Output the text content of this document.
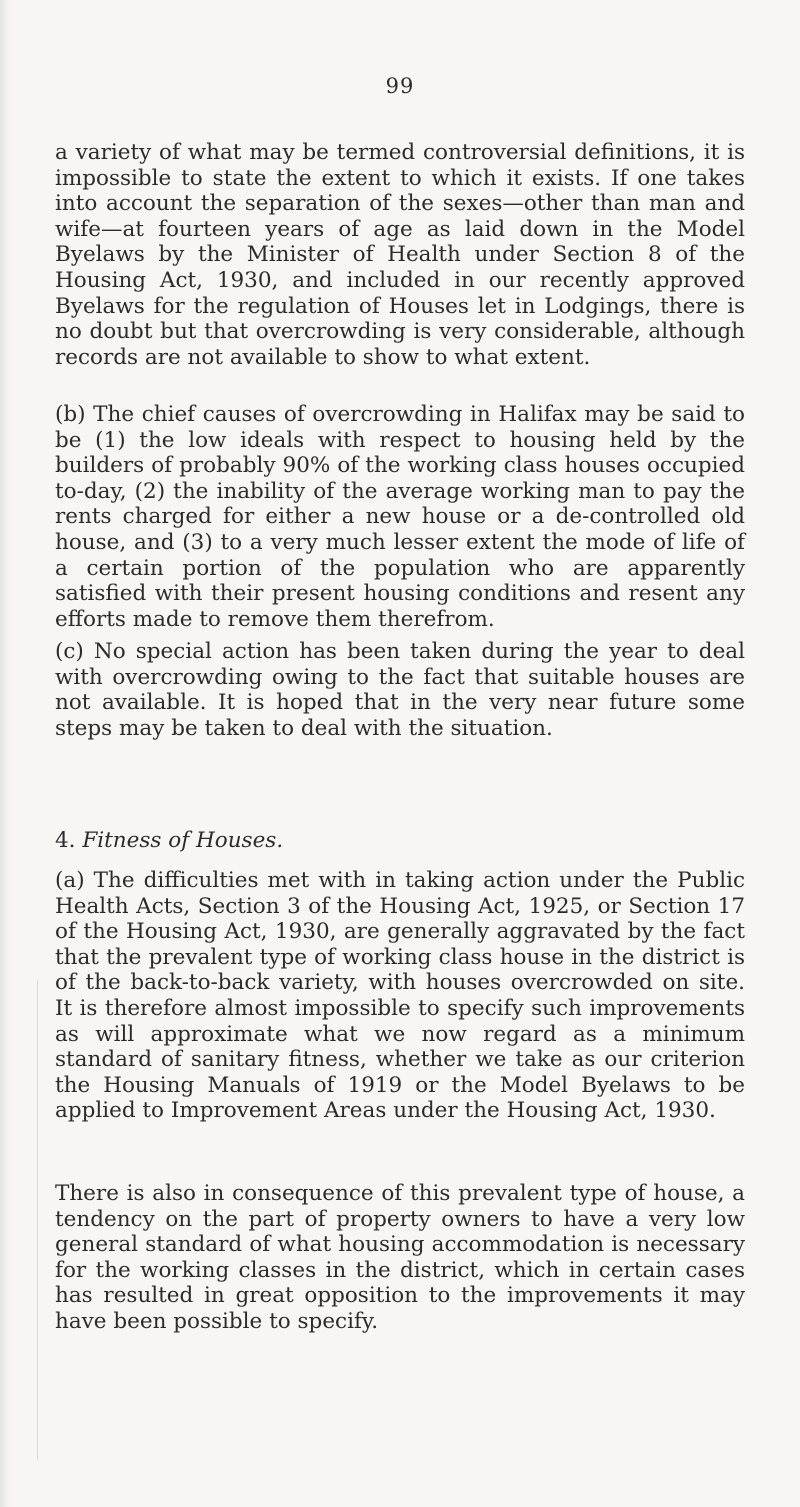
99

a variety of what may be termed controversial definitions, it is impossible to state the extent to which it exists. If one takes into account the separation of the sexes—other than man and wife—at fourteen years of age as laid down in the Model Byelaws by the Minister of Health under Section 8 of the Housing Act, 1930, and included in our recently approved Byelaws for the regulation of Houses let in Lodgings, there is no doubt but that overcrowding is very considerable, although records are not available to show to what extent.

(b) The chief causes of overcrowding in Halifax may be said to be (1) the low ideals with respect to housing held by the builders of probably 90% of the working class houses occupied to-day, (2) the inability of the average working man to pay the rents charged for either a new house or a de-controlled old house, and (3) to a very much lesser extent the mode of life of a certain portion of the population who are apparently satisfied with their present housing conditions and resent any efforts made to remove them therefrom.

(c) No special action has been taken during the year to deal with overcrowding owing to the fact that suitable houses are not available. It is hoped that in the very near future some steps may be taken to deal with the situation.

4. Fitness of Houses.

(a) The difficulties met with in taking action under the Public Health Acts, Section 3 of the Housing Act, 1925, or Section 17 of the Housing Act, 1930, are generally aggravated by the fact that the prevalent type of working class house in the district is of the back-to-back variety, with houses overcrowded on site. It is therefore almost impossible to specify such improvements as will approximate what we now regard as a minimum standard of sanitary fitness, whether we take as our criterion the Housing Manuals of 1919 or the Model Byelaws to be applied to Improvement Areas under the Housing Act, 1930.

There is also in consequence of this prevalent type of house, a tendency on the part of property owners to have a very low general standard of what housing accommodation is necessary for the working classes in the district, which in certain cases has resulted in great opposition to the improvements it may have been possible to specify.
